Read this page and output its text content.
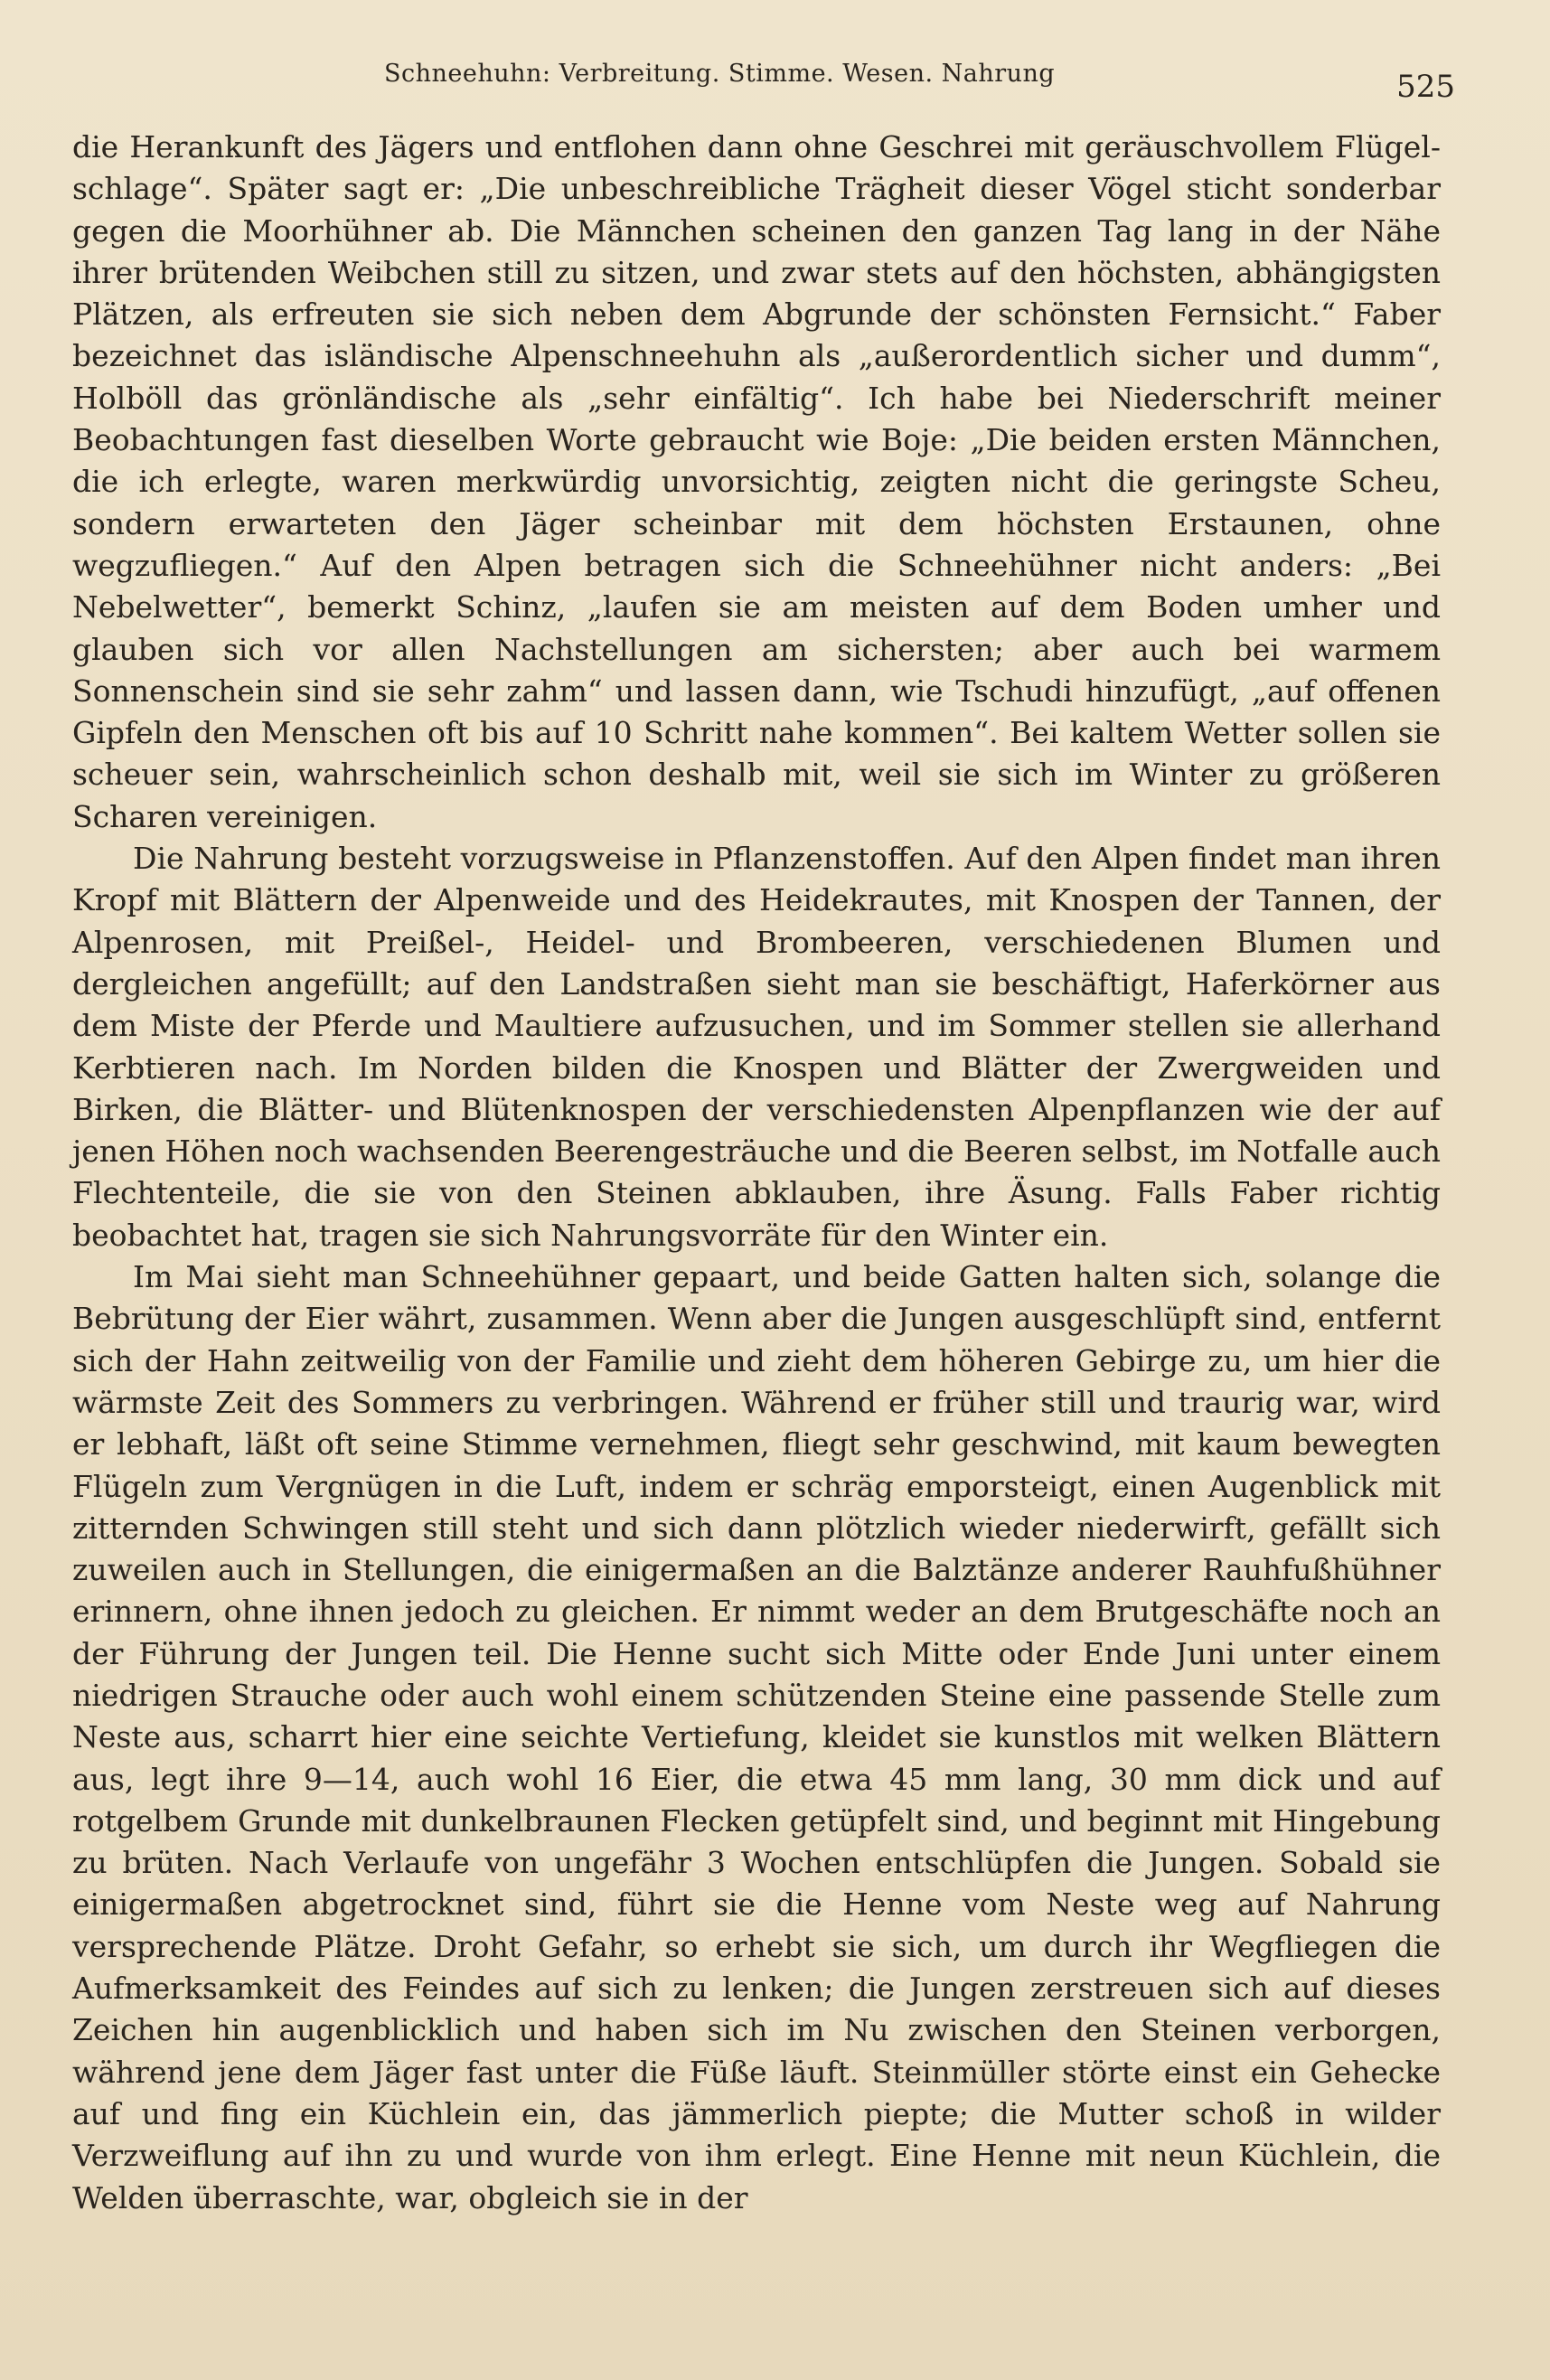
Schneehuhn: Verbreitung. Stimme. Wesen. Nahrung	525

die Herankunft des Jägers und entflohen dann ohne Geschrei mit geräuschvollem Flügelschlage“. Später sagt er: „Die unbeschreibliche Trägheit dieser Vögel sticht sonderbar gegen die Moorhühner ab. Die Männchen scheinen den ganzen Tag lang in der Nähe ihrer brütenden Weibchen still zu sitzen, und zwar stets auf den höchsten, abhängigsten Plätzen, als erfreuten sie sich neben dem Abgrunde der schönsten Fernsicht.“ Faber bezeichnet das isländische Alpenschneehuhn als „außerordentlich sicher und dumm“, Holböll das grönländische als „sehr einfältig“. Ich habe bei Niederschrift meiner Beobachtungen fast dieselben Worte gebraucht wie Boje: „Die beiden ersten Männchen, die ich erlegte, waren merkwürdig unvorsichtig, zeigten nicht die geringste Scheu, sondern erwarteten den Jäger scheinbar mit dem höchsten Erstaunen, ohne wegzufliegen.“ Auf den Alpen betragen sich die Schneehühner nicht anders: „Bei Nebelwetter“, bemerkt Schinz, „laufen sie am meisten auf dem Boden umher und glauben sich vor allen Nachstellungen am sichersten; aber auch bei warmem Sonnenschein sind sie sehr zahm“ und lassen dann, wie Tschudi hinzufügt, „auf offenen Gipfeln den Menschen oft bis auf 10 Schritt nahe kommen“. Bei kaltem Wetter sollen sie scheuer sein, wahrscheinlich schon deshalb mit, weil sie sich im Winter zu größeren Scharen vereinigen.

Die Nahrung besteht vorzugsweise in Pflanzenstoffen. Auf den Alpen findet man ihren Kropf mit Blättern der Alpenweide und des Heidekrautes, mit Knospen der Tannen, der Alpenrosen, mit Preißel-, Heidel- und Brombeeren, verschiedenen Blumen und dergleichen angefüllt; auf den Landstraßen sieht man sie beschäftigt, Haferkörner aus dem Miste der Pferde und Maultiere aufzusuchen, und im Sommer stellen sie allerhand Kerbtieren nach. Im Norden bilden die Knospen und Blätter der Zwergweiden und Birken, die Blätter- und Blütenknospen der verschiedensten Alpenpflanzen wie der auf jenen Höhen noch wachsenden Beerengesträuche und die Beeren selbst, im Notfalle auch Flechtenteile, die sie von den Steinen abklauben, ihre Äsung. Falls Faber richtig beobachtet hat, tragen sie sich Nahrungsvorräte für den Winter ein.

Im Mai sieht man Schneehühner gepaart, und beide Gatten halten sich, solange die Bebrütung der Eier währt, zusammen. Wenn aber die Jungen ausgeschlüpft sind, entfernt sich der Hahn zeitweilig von der Familie und zieht dem höheren Gebirge zu, um hier die wärmste Zeit des Sommers zu verbringen. Während er früher still und traurig war, wird er lebhaft, läßt oft seine Stimme vernehmen, fliegt sehr geschwind, mit kaum bewegten Flügeln zum Vergnügen in die Luft, indem er schräg emporsteigt, einen Augenblick mit zitternden Schwingen still steht und sich dann plötzlich wieder niederwirft, gefällt sich zuweilen auch in Stellungen, die einigermaßen an die Balztänze anderer Rauhfußhühner erinnern, ohne ihnen jedoch zu gleichen. Er nimmt weder an dem Brutgeschäfte noch an der Führung der Jungen teil. Die Henne sucht sich Mitte oder Ende Juni unter einem niedrigen Strauche oder auch wohl einem schützenden Steine eine passende Stelle zum Neste aus, scharrt hier eine seichte Vertiefung, kleidet sie kunstlos mit welken Blättern aus, legt ihre 9—14, auch wohl 16 Eier, die etwa 45 mm lang, 30 mm dick und auf rotgelbem Grunde mit dunkelbraunen Flecken getüpfelt sind, und beginnt mit Hingebung zu brüten. Nach Verlaufe von ungefähr 3 Wochen entschlüpfen die Jungen. Sobald sie einigermaßen abgetrocknet sind, führt sie die Henne vom Neste weg auf Nahrung versprechende Plätze. Droht Gefahr, so erhebt sie sich, um durch ihr Wegfliegen die Aufmerksamkeit des Feindes auf sich zu lenken; die Jungen zerstreuen sich auf dieses Zeichen hin augenblicklich und haben sich im Nu zwischen den Steinen verborgen, während jene dem Jäger fast unter die Füße läuft. Steinmüller störte einst ein Gehecke auf und fing ein Küchlein ein, das jämmerlich piepte; die Mutter schoß in wilder Verzweiflung auf ihn zu und wurde von ihm erlegt. Eine Henne mit neun Küchlein, die Welden überraschte, war, obgleich sie in der
